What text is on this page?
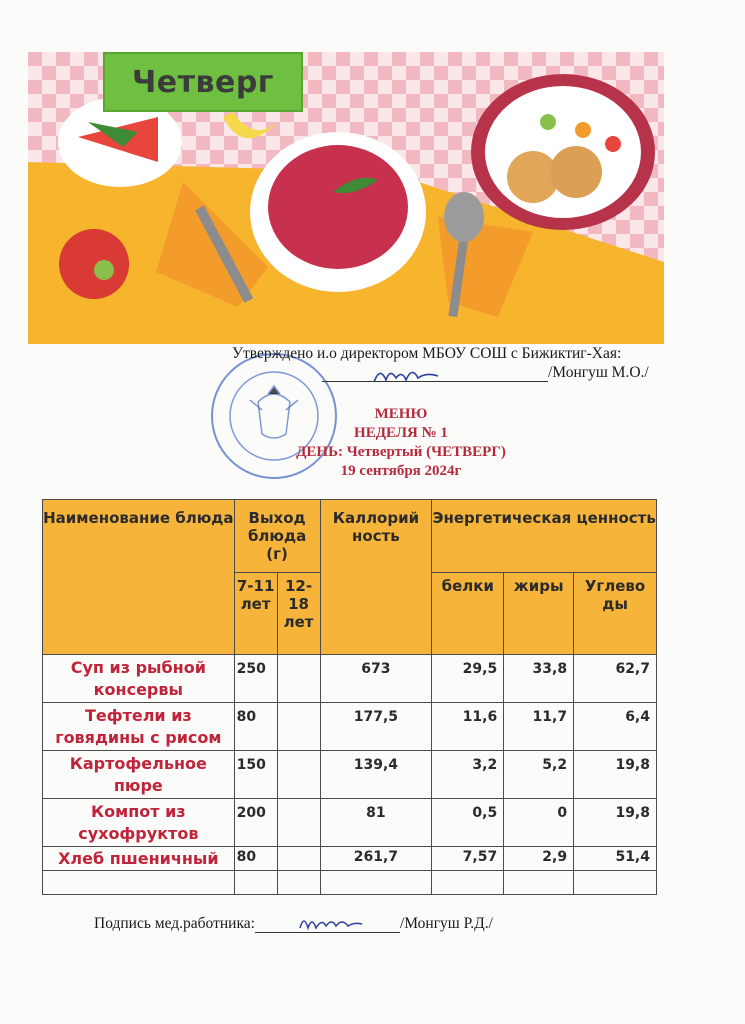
Четверг
Утверждено и.о директором МБОУ СОШ с Бижиктиг-Хая:
/Монгуш М.О./
МЕНЮ
НЕДЕЛЯ № 1
ДЕНЬ: Четвертый (ЧЕТВЕРГ)
19 сентября 2024г
Наименование блюда	Выход блюда (г)		Каллорий ность	Энергетическая ценность		
	7-11 лет	12-18 лет		белки	жиры	Углево ды
Суп из рыбной консервы	250		673	29,5	33,8	62,7
Тефтели из говядины с рисом	80		177,5	11,6	11,7	6,4
Картофельное пюре	150		139,4	3,2	5,2	19,8
Компот из сухофруктов	200		81	0,5	0	19,8
Хлеб пшеничный	80		261,7	7,57	2,9	51,4

Подпись мед.работника:	/Монгуш Р.Д./
